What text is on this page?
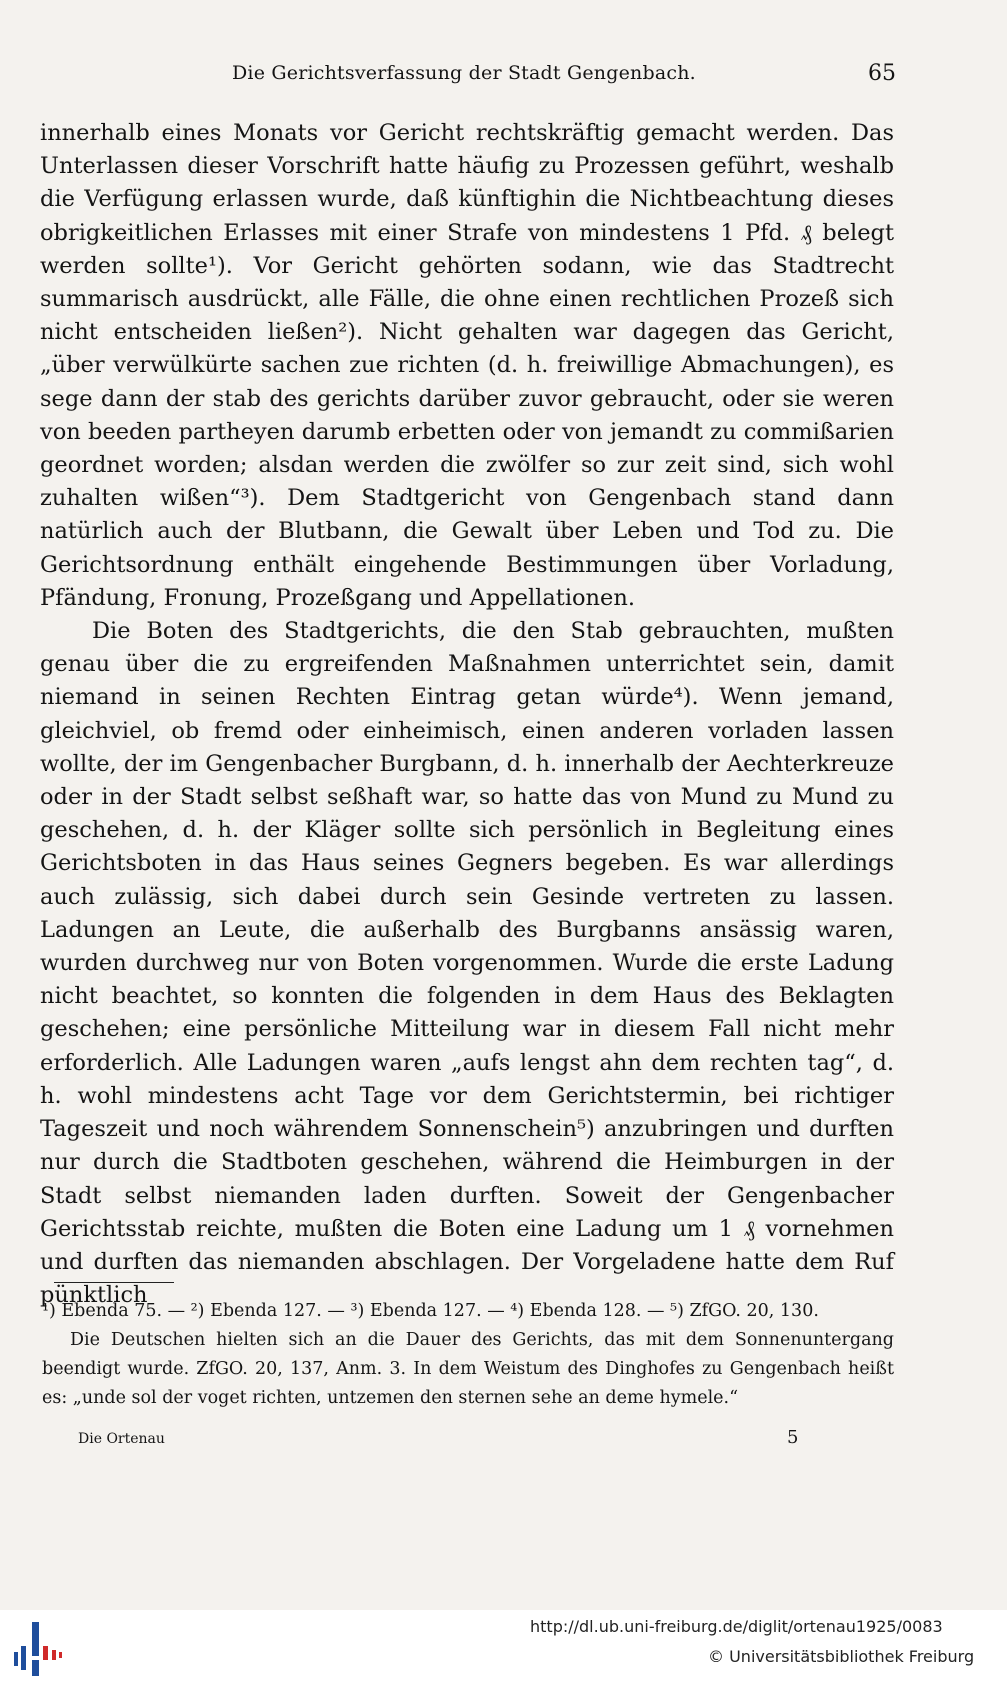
Die Gerichtsverfassung der Stadt Gengenbach.	65

innerhalb eines Monats vor Gericht rechtskräftig gemacht werden. Das Unterlassen dieser Vorschrift hatte häufig zu Prozessen geführt, weshalb die Verfügung erlassen wurde, daß künftighin die Nichtbeachtung dieses obrigkeitlichen Erlasses mit einer Strafe von mindestens 1 Pfd. ₰ belegt werden sollte¹). Vor Gericht gehörten sodann, wie das Stadtrecht summarisch ausdrückt, alle Fälle, die ohne einen rechtlichen Prozeß sich nicht entscheiden ließen²). Nicht gehalten war dagegen das Gericht, „über verwülkürte sachen zue richten (d. h. freiwillige Abmachungen), es sege dann der stab des gerichts darüber zuvor gebraucht, oder sie weren von beeden partheyen darumb erbetten oder von jemandt zu commißarien geordnet worden; alsdan werden die zwölfer so zur zeit sind, sich wohl zuhalten wißen“³). Dem Stadtgericht von Gengenbach stand dann natürlich auch der Blutbann, die Gewalt über Leben und Tod zu. Die Gerichtsordnung enthält eingehende Bestimmungen über Vorladung, Pfändung, Fronung, Prozeßgang und Appellationen.

Die Boten des Stadtgerichts, die den Stab gebrauchten, mußten genau über die zu ergreifenden Maßnahmen unterrichtet sein, damit niemand in seinen Rechten Eintrag getan würde⁴). Wenn jemand, gleichviel, ob fremd oder einheimisch, einen anderen vorladen lassen wollte, der im Gengenbacher Burgbann, d. h. innerhalb der Aechterkreuze oder in der Stadt selbst seßhaft war, so hatte das von Mund zu Mund zu geschehen, d. h. der Kläger sollte sich persönlich in Begleitung eines Gerichtsboten in das Haus seines Gegners begeben. Es war allerdings auch zulässig, sich dabei durch sein Gesinde vertreten zu lassen. Ladungen an Leute, die außerhalb des Burgbanns ansässig waren, wurden durchweg nur von Boten vorgenommen. Wurde die erste Ladung nicht beachtet, so konnten die folgenden in dem Haus des Beklagten geschehen; eine persönliche Mitteilung war in diesem Fall nicht mehr erforderlich. Alle Ladungen waren „aufs lengst ahn dem rechten tag“, d. h. wohl mindestens acht Tage vor dem Gerichtstermin, bei richtiger Tageszeit und noch währendem Sonnenschein⁵) anzubringen und durften nur durch die Stadtboten geschehen, während die Heimburgen in der Stadt selbst niemanden laden durften. Soweit der Gengenbacher Gerichtsstab reichte, mußten die Boten eine Ladung um 1 ₰ vornehmen und durften das niemanden abschlagen. Der Vorgeladene hatte dem Ruf pünktlich

¹) Ebenda 75. — ²) Ebenda 127. — ³) Ebenda 127. — ⁴) Ebenda 128. — ⁵) ZfGO. 20, 130.

Die Deutschen hielten sich an die Dauer des Gerichts, das mit dem Sonnenuntergang beendigt wurde. ZfGO. 20, 137, Anm. 3. In dem Weistum des Dinghofes zu Gengenbach heißt es: „unde sol der voget richten, untzemen den sternen sehe an deme hymele.“

Die Ortenau	5
http://dl.ub.uni-freiburg.de/diglit/ortenau1925/0083
© Universitätsbibliothek Freiburg
